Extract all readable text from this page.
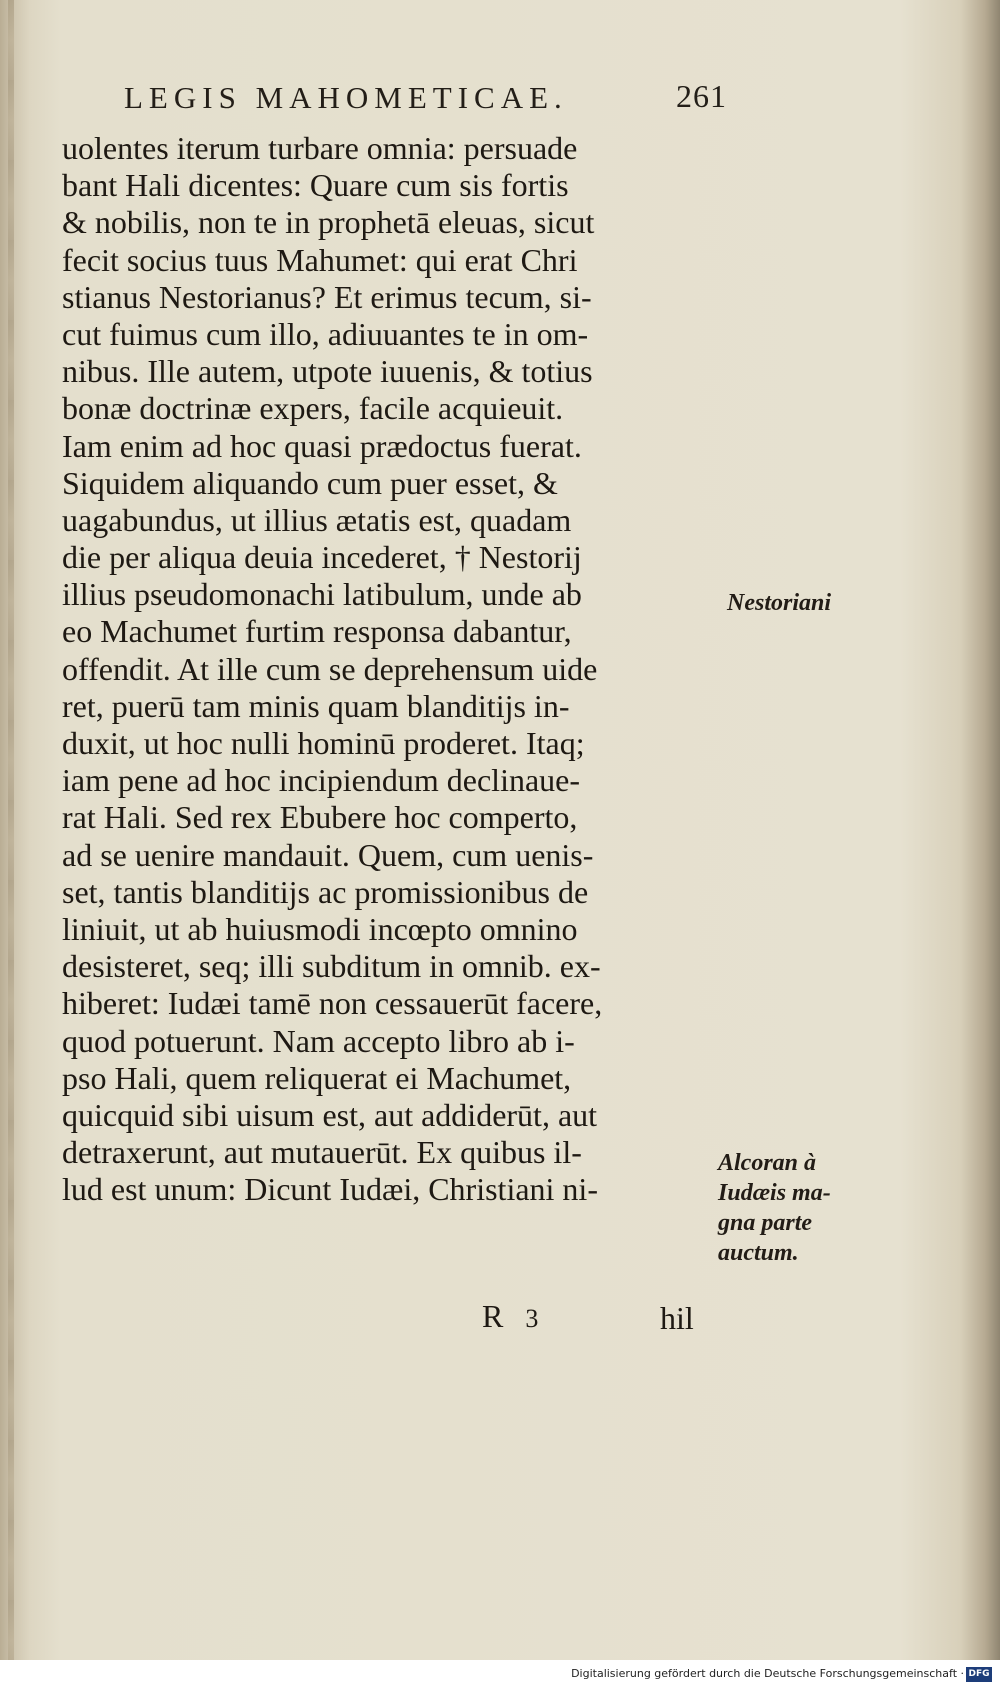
LEGIS MAHOMETICAE.	261
uolentes iterum turbare omnia: persuade
bant Hali dicentes: Quare cum sis fortis
& nobilis, non te in prophetā eleuas, sicut
fecit socius tuus Mahumet: qui erat Chri
stianus Nestorianus? Et erimus tecum, si-
cut fuimus cum illo, adiuuantes te in om-
nibus. Ille autem, utpote iuuenis, & totius
bonæ doctrinæ expers, facile acquieuit.
Iam enim ad hoc quasi prædoctus fuerat.
Siquidem aliquando cum puer esset, &
uagabundus, ut illius ætatis est, quadam
die per aliqua deuia incederet, † Nestorij
illius pseudomonachi latibulum, unde ab
eo Machumet furtim responsa dabantur,
offendit. At ille cum se deprehensum uide
ret, puerū tam minis quam blanditijs in-
duxit, ut hoc nulli hominū proderet. Itaq;
iam pene ad hoc incipiendum declinaue-
rat Hali. Sed rex Ebubere hoc comperto,
ad se uenire mandauit. Quem, cum uenis-
set, tantis blanditijs ac promissionibus de
liniuit, ut ab huiusmodi incœpto omnino
desisteret, seq; illi subditum in omnib. ex-
hiberet: Iudæi tamē non cessauerūt facere,
quod potuerunt. Nam accepto libro ab i-
pso Hali, quem reliquerat ei Machumet,
quicquid sibi uisum est, aut addiderūt, aut
detraxerunt, aut mutauerūt. Ex quibus il-
lud est unum: Dicunt Iudæi, Christiani ni-
Nestoriani
Alcoran à
Iudæis ma-
gna parte
auctum.
R 3	hil
Digitalisierung gefördert durch die Deutsche Forschungsgemeinschaft · DFG
